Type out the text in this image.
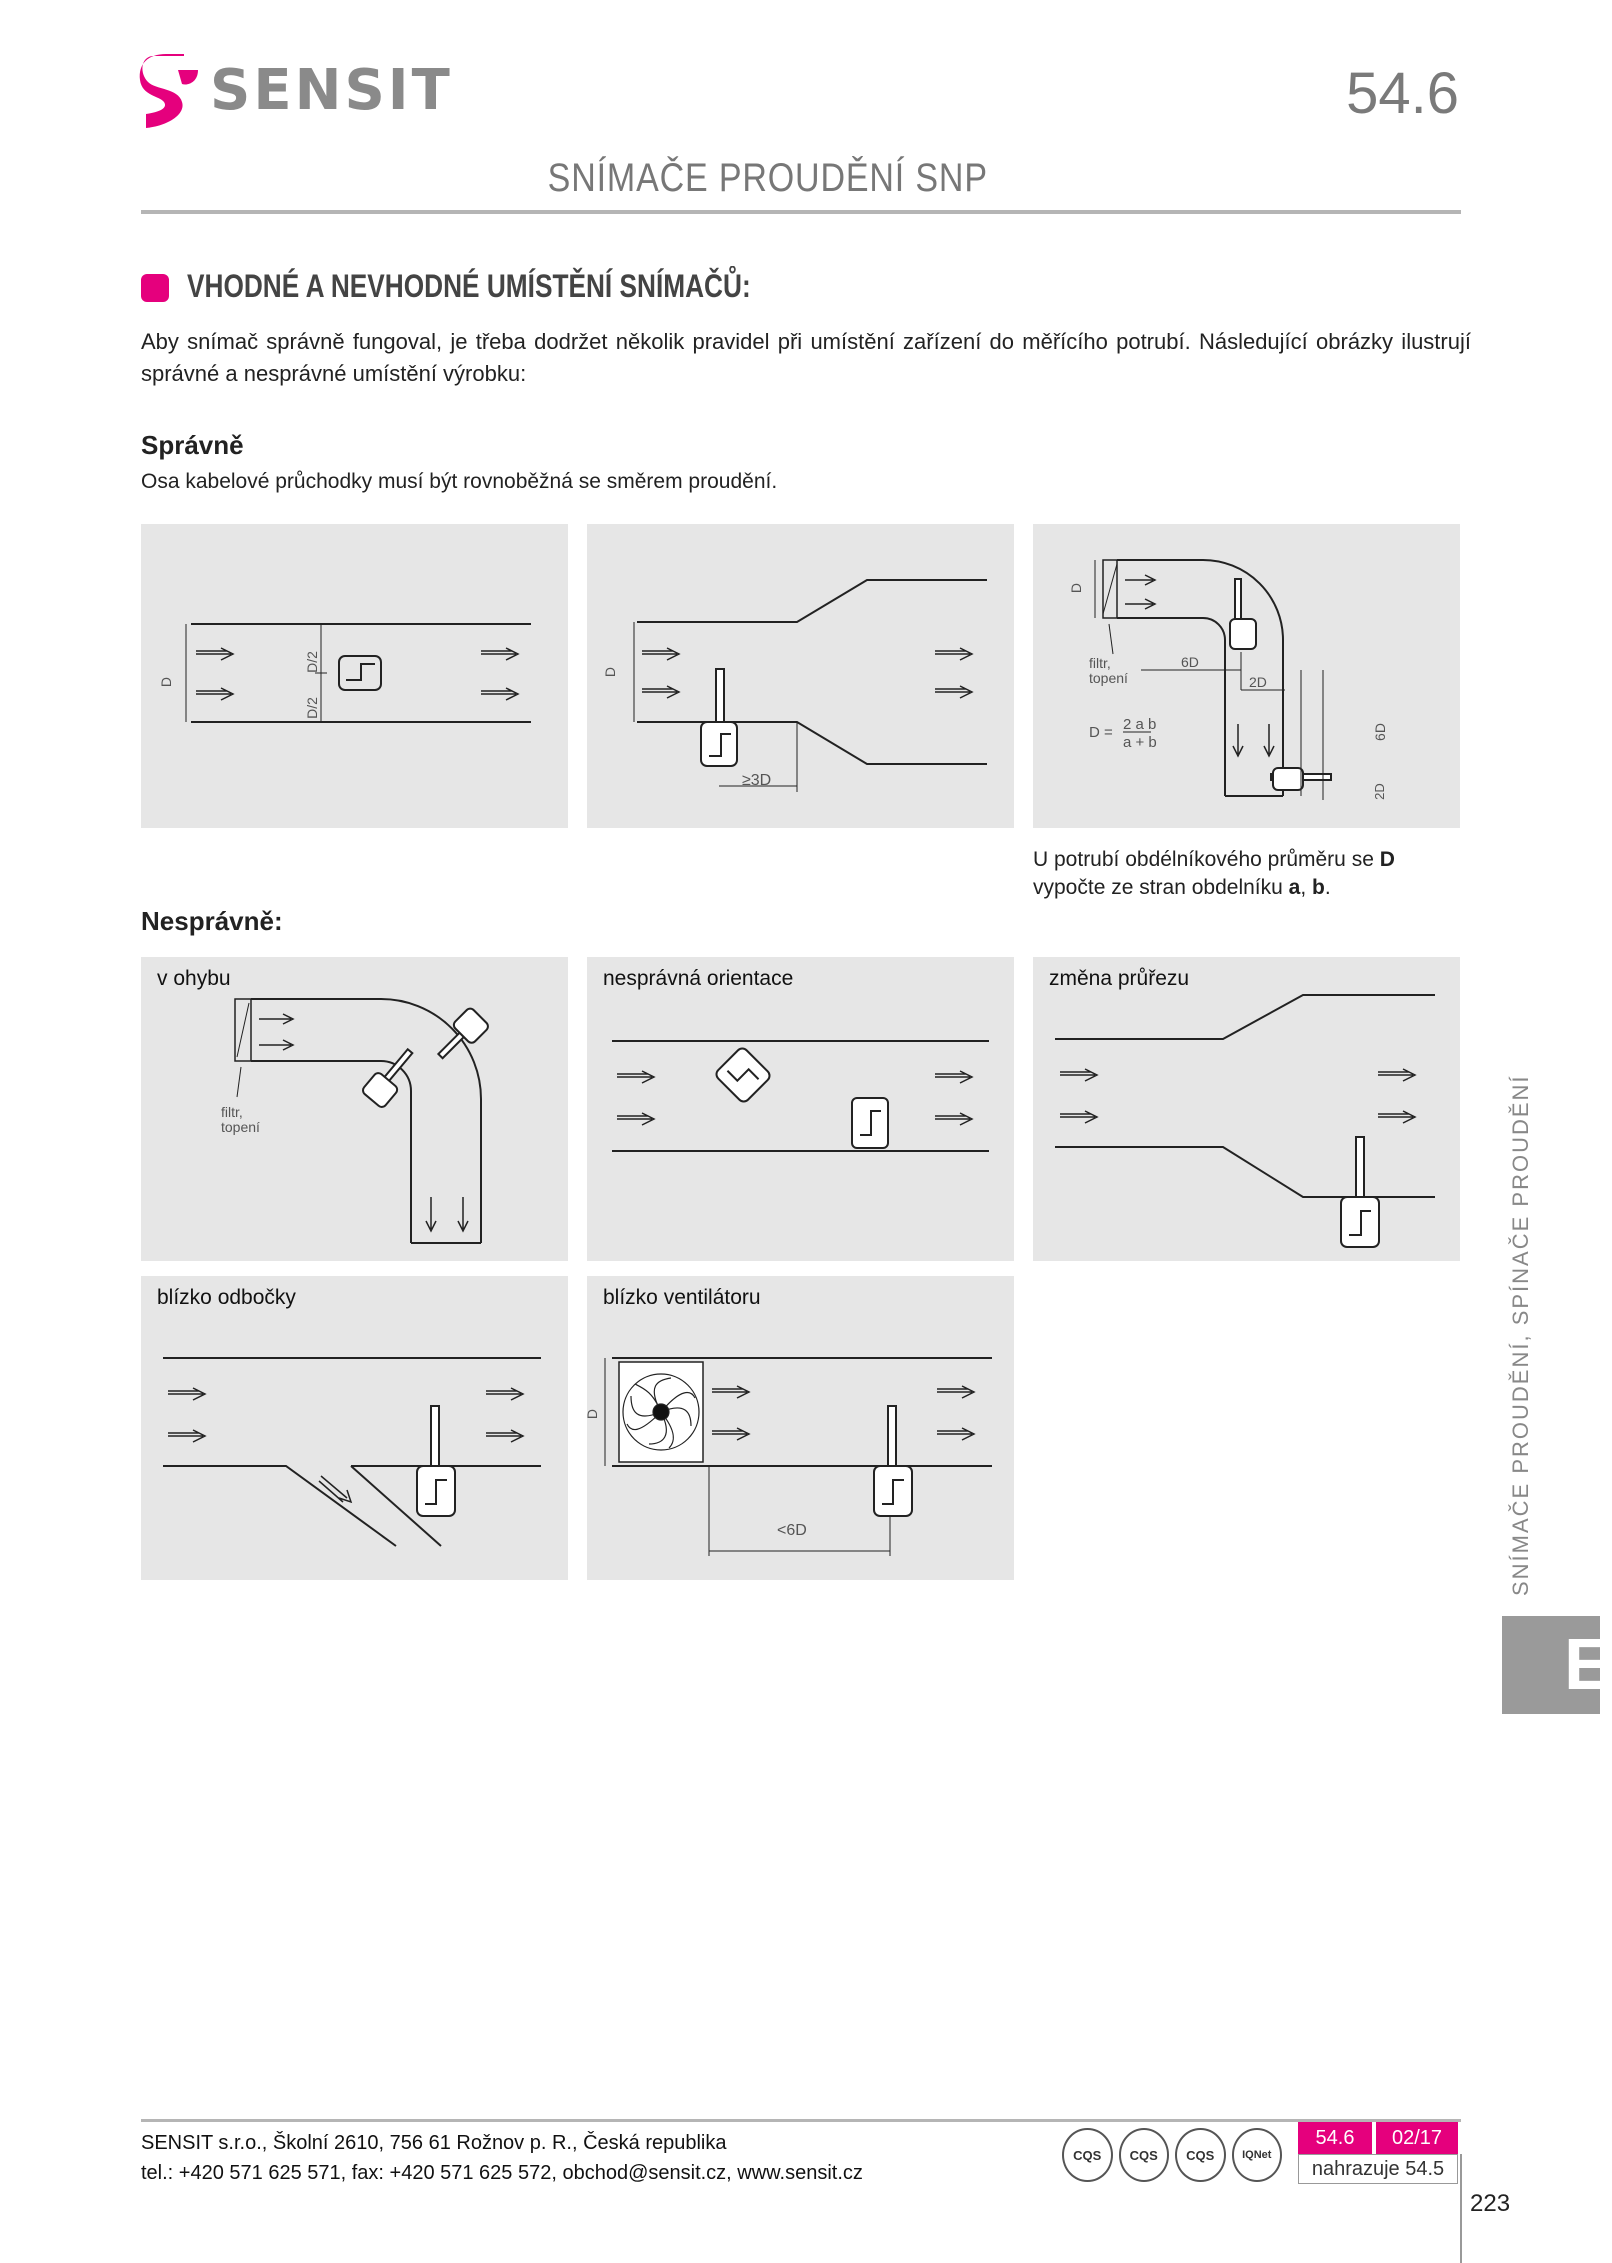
SENSIT	54.6
SNÍMAČE PROUDĚNÍ SNP
VHODNÉ A NEVHODNÉ UMÍSTĚNÍ SNÍMAČŮ:
Aby snímač správně fungoval, je třeba dodržet několik pravidel při umístění zařízení do měřícího potrubí. Následující obrázky ilustrují správné a nesprávné umístění výrobku:
Správně
Osa kabelové průchodky musí být rovnoběžná se směrem proudění.
D
D/2
D/2
D
≥3D
D
filtr,
topení
6D
2D
6D
2D
D = 2 a b
a + b
U potrubí obdélníkového průměru se D
vypočte ze stran obdelníku a, b.
Nesprávně:
v ohybu
filtr,
topení
nesprávná orientace	změna průřezu
blízko odbočky	blízko ventilátoru
D
<6D	SNÍMAČE PROUDĚNÍ, SPÍNAČE PROUDĚNÍ
E
SENSIT s.r.o., Školní 2610, 756 61 Rožnov p. R., Česká republika
tel.: +420 571 625 571, fax: +420 571 625 572, obchod@sensit.cz, www.sensit.cz
CQS	CQS	CQS	IQNet
54.6	02/17
nahrazuje 54.5
223
